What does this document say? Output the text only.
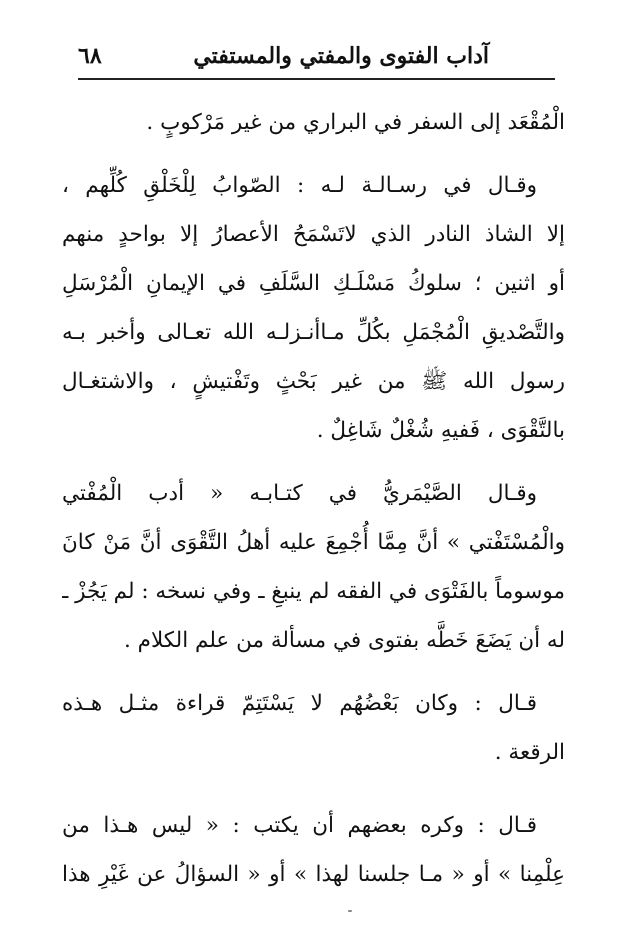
آداب الفتوى والمفتي والمستفتي
٦٨
الْمُقْعَد إلى السفر في البراري من غير مَرْكوبٍ .
وقـال في رسـالـة لـه : الصّوابُ لِلْخَلْقِ كُلِّهم ،
إلا الشاذ النادر الذي لاتَسْمَحُ الأعصارُ إلا بواحدٍ منهم
أو اثنين ؛ سلوكُ مَسْلَـكِ السَّلَفِ في الإيمانِ الْمُرْسَلِ
والتَّصْديقِ الْمُجْمَلِ بكُلِّ مـاأنـزلـه الله تعـالى وأخبر بـه
رسول الله ﷺ من غير بَحْثٍ وتَفْتيشٍ ، والاشتغـال
بالتَّقْوَى ، فَفيهِ شُغْلٌ شَاغِلٌ .
وقـال الصَّيْمَريُّ في كتـابـه « أدب الْمُفْتي
والْمُسْتَفْتي » أنَّ مِمَّا أُجْمِعَ عليه أهلُ التَّقْوَى أنَّ مَنْ كانَ
موسوماً بالفَتْوَى في الفقه لم ينبغِ ـ وفي نسخه : لم يَجُزْ ـ
له أن يَضَعَ خَطَّه بفتوى في مسألة من علم الكلام .
قـال : وكان بَعْضُهُم لا يَسْتَتِمّ قراءة مثـل هـذه
الرقعة .
قـال : وكره بعضهم أن يكتب : « ليس هـذا من
عِلْمِنا » أو « مـا جلسنا لهذا » أو « السؤالُ عن غَيْرِ هذا
